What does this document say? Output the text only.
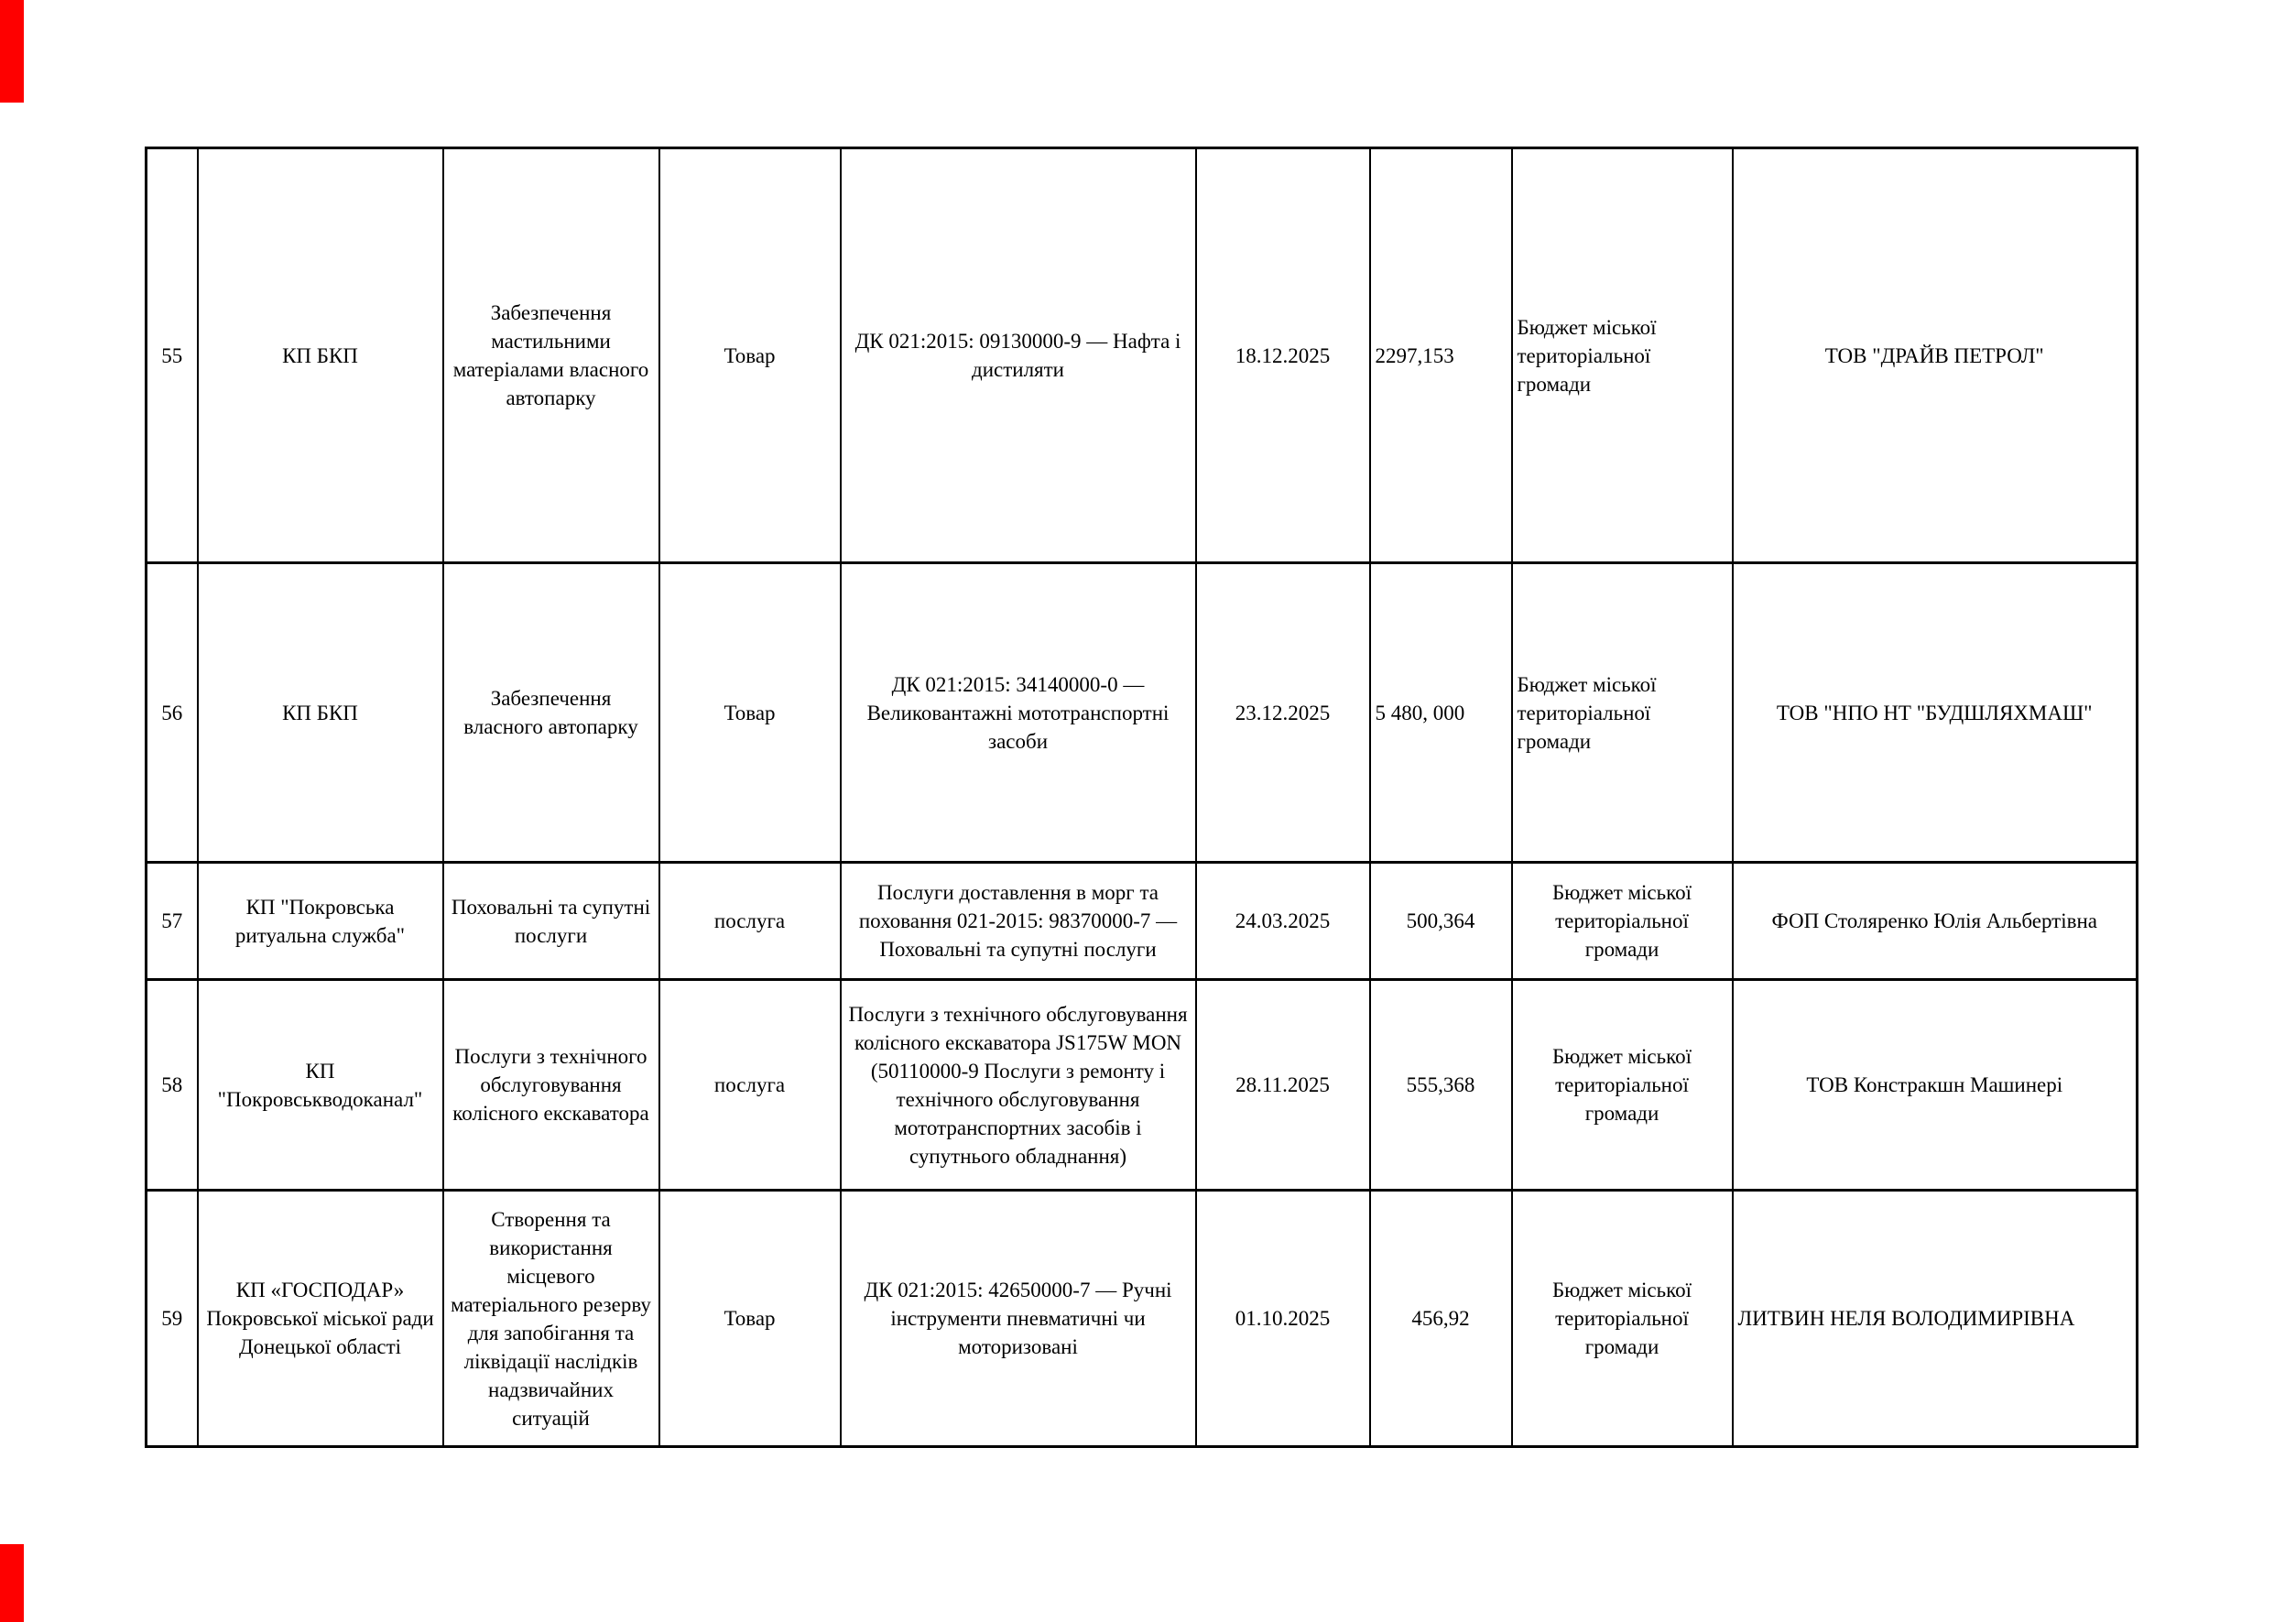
55	КП БКП	Забезпечення мастильними матеріалами власного автопарку	Товар	ДК 021:2015: 09130000-9 — Нафта і дистиляти	18.12.2025	2297,153	Бюджет міської територіальної громади	ТОВ "ДРАЙВ ПЕТРОЛ"
56	КП БКП	Забезпечення власного автопарку	Товар	ДК 021:2015: 34140000-0 — Великовантажні мототранспортні засоби	23.12.2025	5 480, 000	Бюджет міської територіальної громади	ТОВ "НПО НТ "БУДШЛЯХМАШ"
57	КП "Покровська ритуальна служба"	Поховальні та супутні послуги	послуга	Послуги доставлення в морг та поховання 021-2015: 98370000-7 — Поховальні та супутні послуги	24.03.2025	500,364	Бюджет міської територіальної громади	ФОП Столяренко Юлія Альбертівна
58	КП "Покровськводоканал"	Послуги з технічного обслуговування колісного екскаватора	послуга	Послуги з технічного обслуговування колісного екскаватора JS175W MON (50110000-9 Послуги з ремонту і технічного обслуговування мототранспортних засобів і супутнього обладнання)	28.11.2025	555,368	Бюджет міської територіальної громади	ТОВ Констракшн Машинері
59	КП «ГОСПОДАР» Покровської міської ради Донецької області	Створення та використання місцевого матеріального резерву для запобігання та ліквідації наслідків надзвичайних ситуацій	Товар	ДК 021:2015: 42650000-7 — Ручні інструменти пневматичні чи моторизовані	01.10.2025	456,92	Бюджет міської територіальної громади	ЛИТВИН НЕЛЯ ВОЛОДИМИРІВНА
